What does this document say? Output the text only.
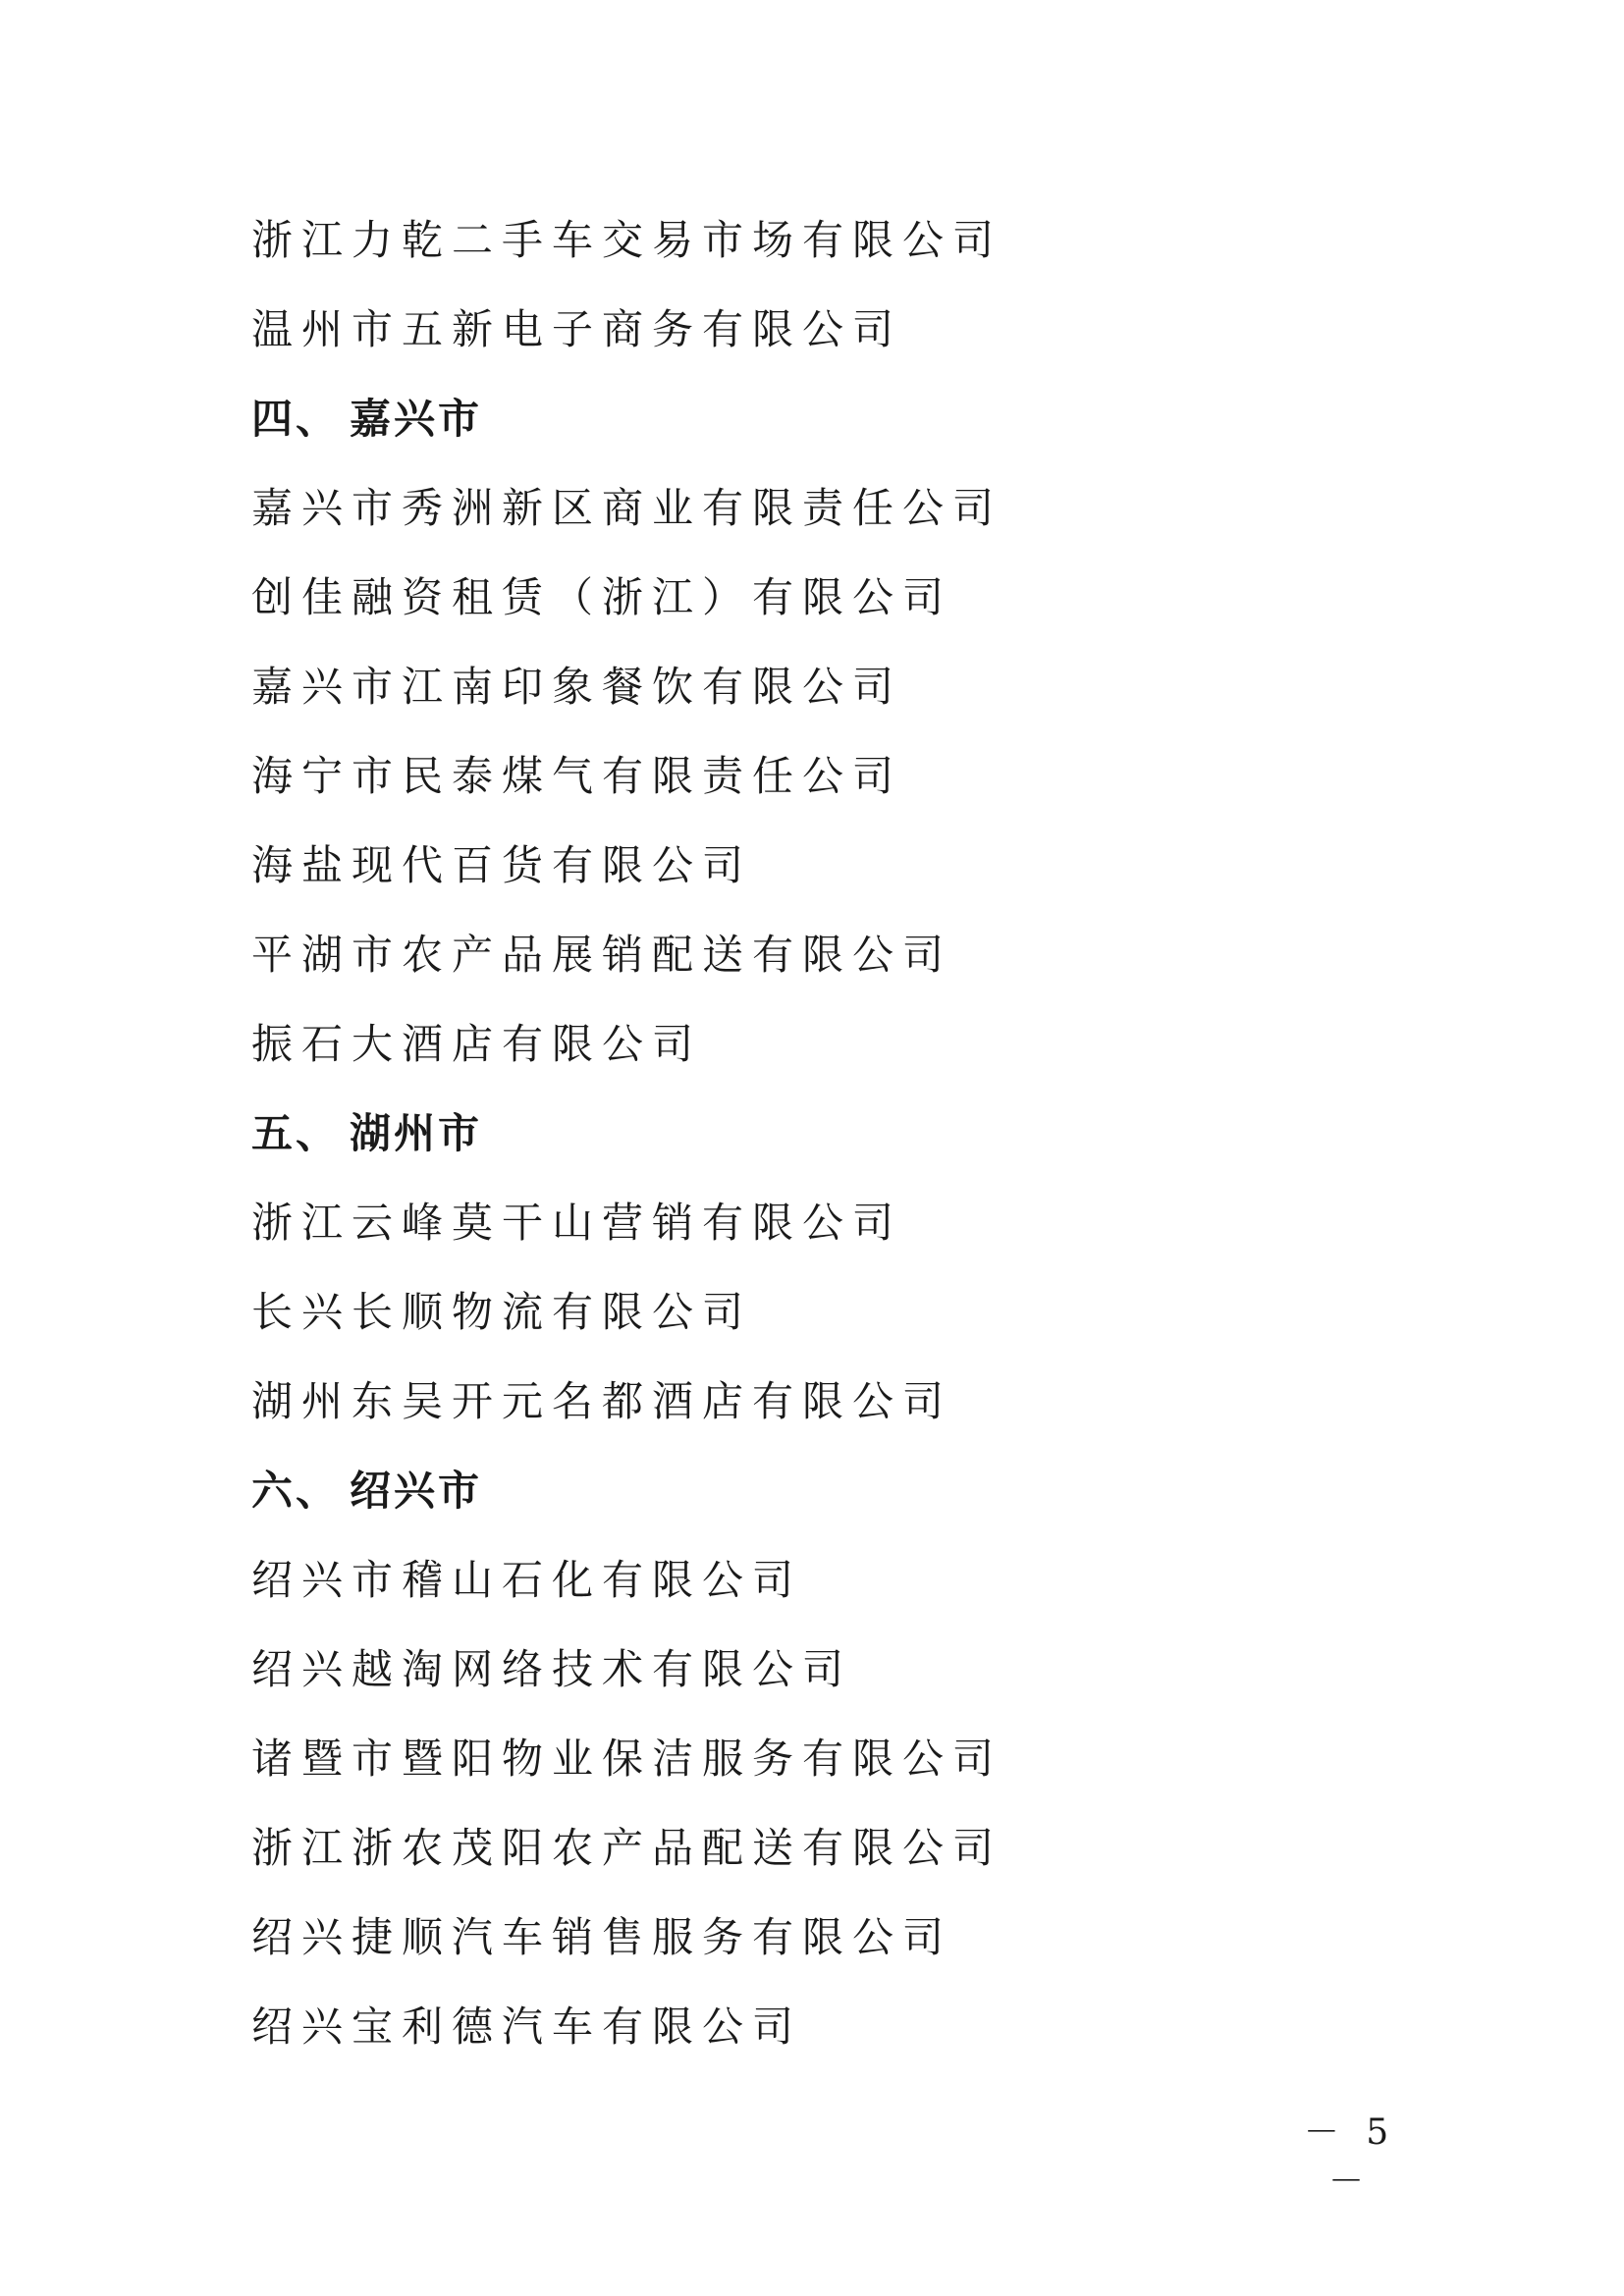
浙江力乾二手车交易市场有限公司
温州市五新电子商务有限公司
四、 嘉兴市
嘉兴市秀洲新区商业有限责任公司
创佳融资租赁（浙江）有限公司
嘉兴市江南印象餐饮有限公司
海宁市民泰煤气有限责任公司
海盐现代百货有限公司
平湖市农产品展销配送有限公司
振石大酒店有限公司
五、 湖州市
浙江云峰莫干山营销有限公司
长兴长顺物流有限公司
湖州东吴开元名都酒店有限公司
六、 绍兴市
绍兴市稽山石化有限公司
绍兴越淘网络技术有限公司
诸暨市暨阳物业保洁服务有限公司
浙江浙农茂阳农产品配送有限公司
绍兴捷顺汽车销售服务有限公司
绍兴宝利德汽车有限公司
－ 5 －
